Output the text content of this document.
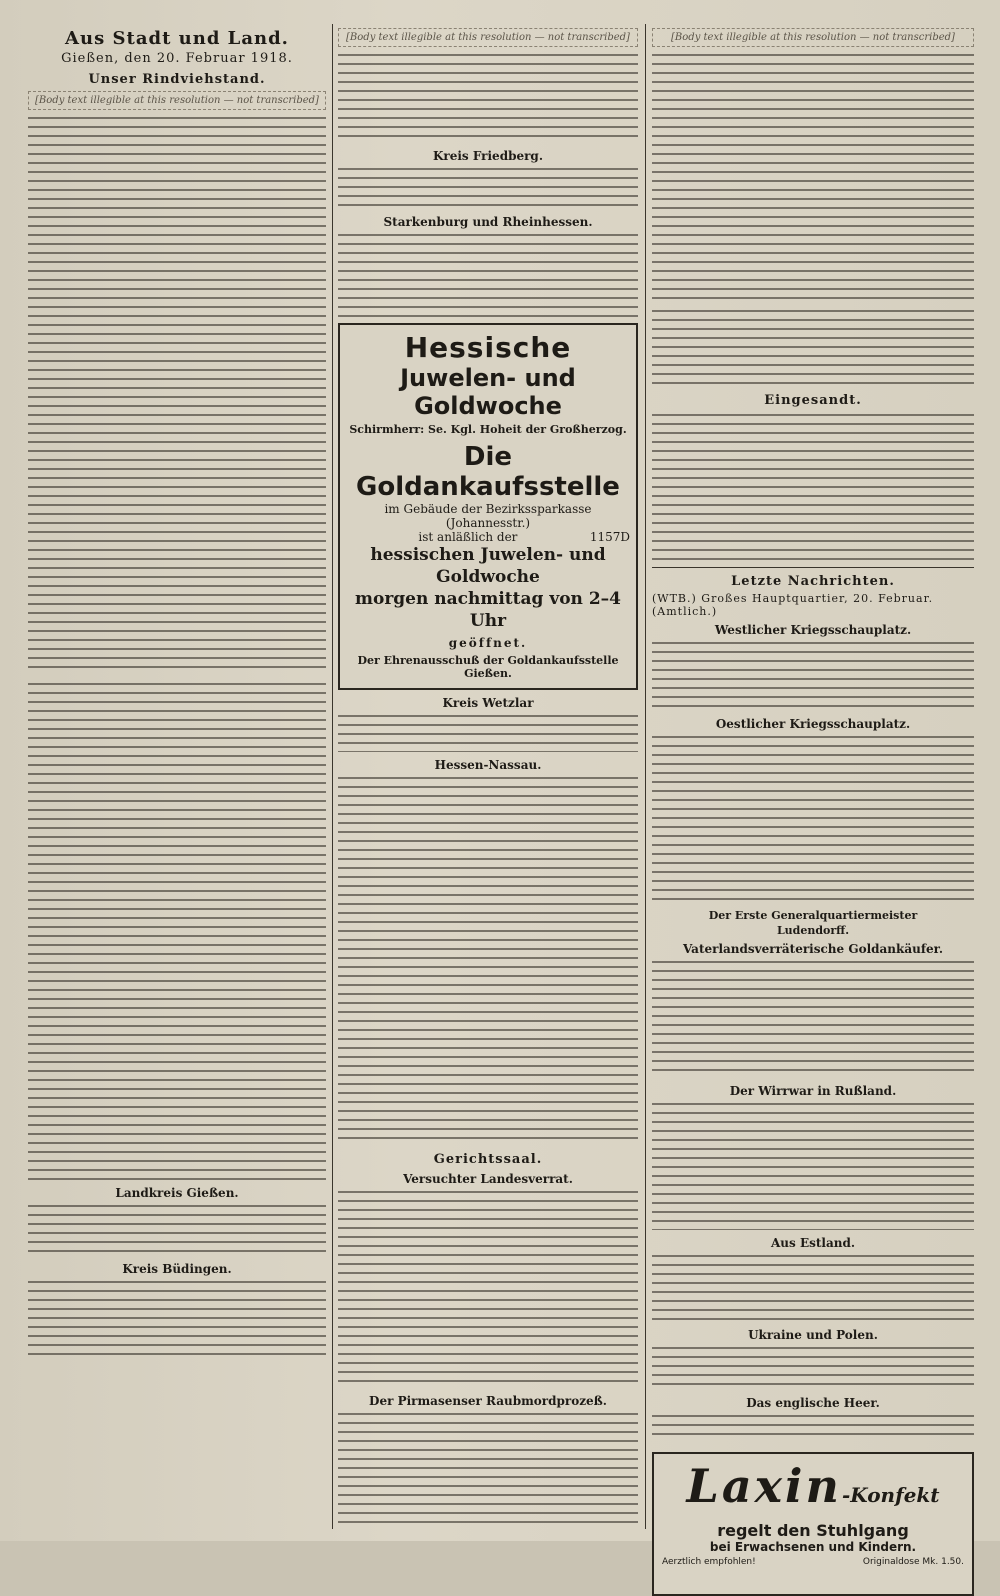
Aus Stadt und Land.
Gießen, den 20. Februar 1918.
Unser Rindviehstand.
[Body text illegible at this resolution — not transcribed]
Landkreis Gießen.
Kreis Büdingen.
[Body text illegible at this resolution — not transcribed]
Kreis Friedberg.
Starkenburg und Rheinhessen.
Hessische
Juwelen- und Goldwoche
Schirmherr: Se. Kgl. Hoheit der Großherzog.
Die Goldankaufsstelle
im Gebäude der Bezirkssparkasse (Johannesstr.)
ist anläßlich der	1157D
hessischen Juwelen- und Goldwoche
morgen nachmittag von 2–4 Uhr
geöffnet.
Der Ehrenausschuß der Goldankaufsstelle Gießen.
Kreis Wetzlar
Hessen-Nassau.
Gerichtssaal.
Versuchter Landesverrat.
Der Pirmasenser Raubmordprozeß.
[Body text illegible at this resolution — not transcribed]
Eingesandt.
Letzte Nachrichten.
(WTB.) Großes Hauptquartier, 20. Februar. (Amtlich.)
Westlicher Kriegsschauplatz.
Oestlicher Kriegsschauplatz.
Der Erste Generalquartiermeister
Ludendorff.
Vaterlandsverräterische Goldankäufer.
Der Wirrwar in Rußland.
Aus Estland.
Ukraine und Polen.
Das englische Heer.
Laxin-Konfekt
regelt den Stuhlgang
bei Erwachsenen und Kindern.
Aerztlich empfohlen!	Originaldose Mk. 1.50.
